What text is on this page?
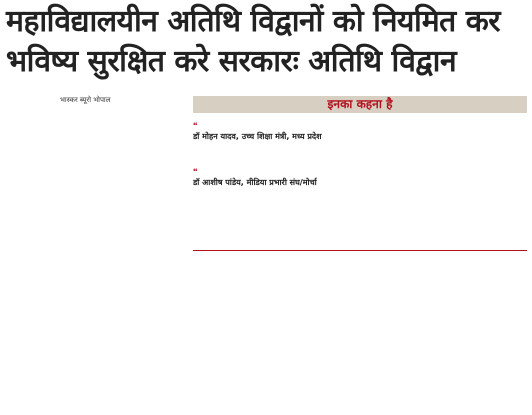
महाविद्यालयीन अतिथि विद्वानों को नियमित कर भविष्य सुरक्षित करे सरकारः अतिथि विद्वान
भास्कर ब्यूरो भोपाल	इनका कहना है
❝
डॉ मोहन यादव, उच्च शिक्षा मंत्री, मध्य प्रदेश
❝
डॉ आशीष पांडेय, मीडिया प्रभारी संघ/मोर्चा
